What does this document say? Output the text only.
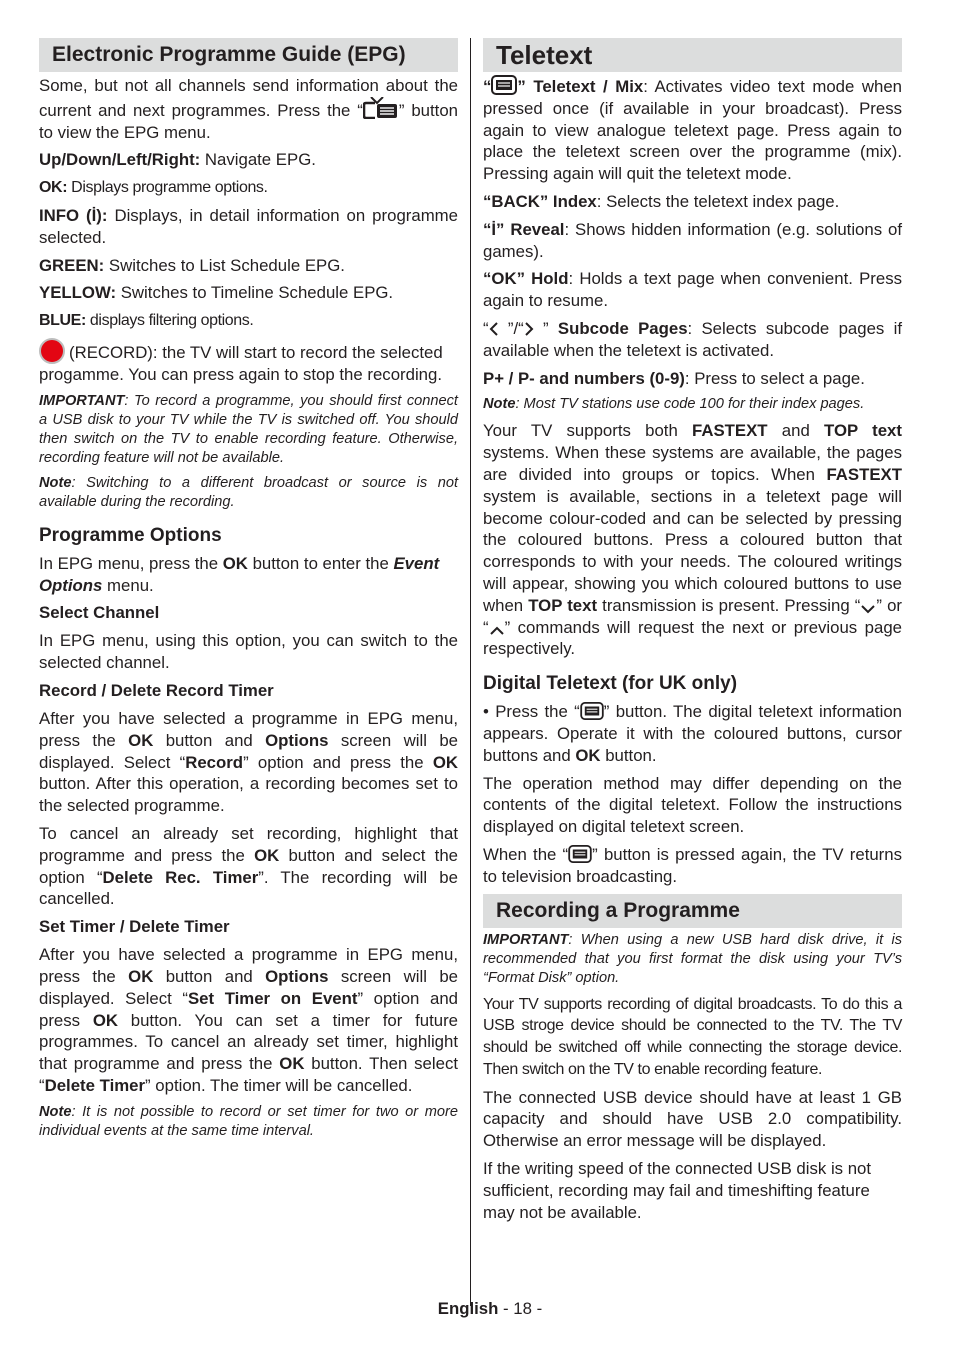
Electronic Programme Guide (EPG)

Some, but not all channels send information about the current and next programmes. Press the “ ” button to view the EPG menu.

Up/Down/Left/Right: Navigate EPG.

OK: Displays programme options.

INFO (İ): Displays, in detail information on programme selected.

GREEN: Switches to List Schedule EPG.

YELLOW: Switches to Timeline Schedule EPG.

BLUE: displays filtering options.

(RECORD): the TV will start to record the selected progamme. You can press again to stop the recording.

IMPORTANT: To record a programme, you should first connect a USB disk to your TV while the TV is switched off. You should then switch on the TV to enable recording feature. Otherwise, recording feature will not be available.

Note: Switching to a different broadcast or source is not available during the recording.

Programme Options

In EPG menu, press the OK button to enter the Event Options menu.

Select Channel

In EPG menu, using this option, you can switch to the selected channel.

Record / Delete Record Timer

After you have selected a programme in EPG menu, press the OK button and Options screen will be displayed. Select “Record” option and press the OK button. After this operation, a recording becomes set to the selected programme.

To cancel an already set recording, highlight that programme and press the OK button and select the option “Delete Rec. Timer”. The recording will be cancelled.

Set Timer / Delete Timer

After you have selected a programme in EPG menu, press the OK button and Options screen will be displayed. Select “Set Timer on Event” option and press OK button. You can set a timer for future programmes. To cancel an already set timer, highlight that programme and press the OK button. Then select “Delete Timer” option. The timer will be cancelled.

Note: It is not possible to record or set timer for two or more individual events at the same time interval.

Teletext

“ ” Teletext / Mix: Activates video text mode when pressed once (if available in your broadcast). Press again to view analogue teletext page. Press again to place the teletext screen over the programme (mix). Pressing again will quit the teletext mode.

“BACK” Index: Selects the teletext index page.

“İ” Reveal: Shows hidden information (e.g. solutions of games).

“OK” Hold: Holds a text page when convenient. Press again to resume.

“ ”/“ ” Subcode Pages: Selects subcode pages if available when the teletext is activated.

P+ / P- and numbers (0-9): Press to select a page.

Note: Most TV stations use code 100 for their index pages.

Your TV supports both FASTEXT and TOP text systems. When these systems are available, the pages are divided into groups or topics. When FASTEXT system is available, sections in a teletext page will become colour-coded and can be selected by pressing the coloured buttons. Press a coloured button that corresponds to with your needs. The coloured writings will appear, showing you which coloured buttons to use when TOP text transmission is present. Pressing “ ” or “ ” commands will request the next or previous page respectively.

Digital Teletext (for UK only)

• Press the “ ” button. The digital teletext information appears. Operate it with the coloured buttons, cursor buttons and OK button.

The operation method may differ depending on the contents of the digital teletext. Follow the instructions displayed on digital teletext screen.

When the “ ” button is pressed again, the TV returns to television broadcasting.

Recording a Programme

IMPORTANT: When using a new USB hard disk drive, it is recommended that you first format the disk using your TV’s “Format Disk” option.

Your TV supports recording of digital broadcasts. To do this a USB stroge device should be connected to the TV. The TV should be switched off while connecting the storage device. Then switch on the TV to enable recording feature.

The connected USB device should have at least 1 GB capacity and should have USB 2.0 compatibility. Otherwise an error message will be displayed.

If the writing speed of the connected USB disk is not sufficient, recording may fail and timeshifting feature may not be available.

English - 18 -
